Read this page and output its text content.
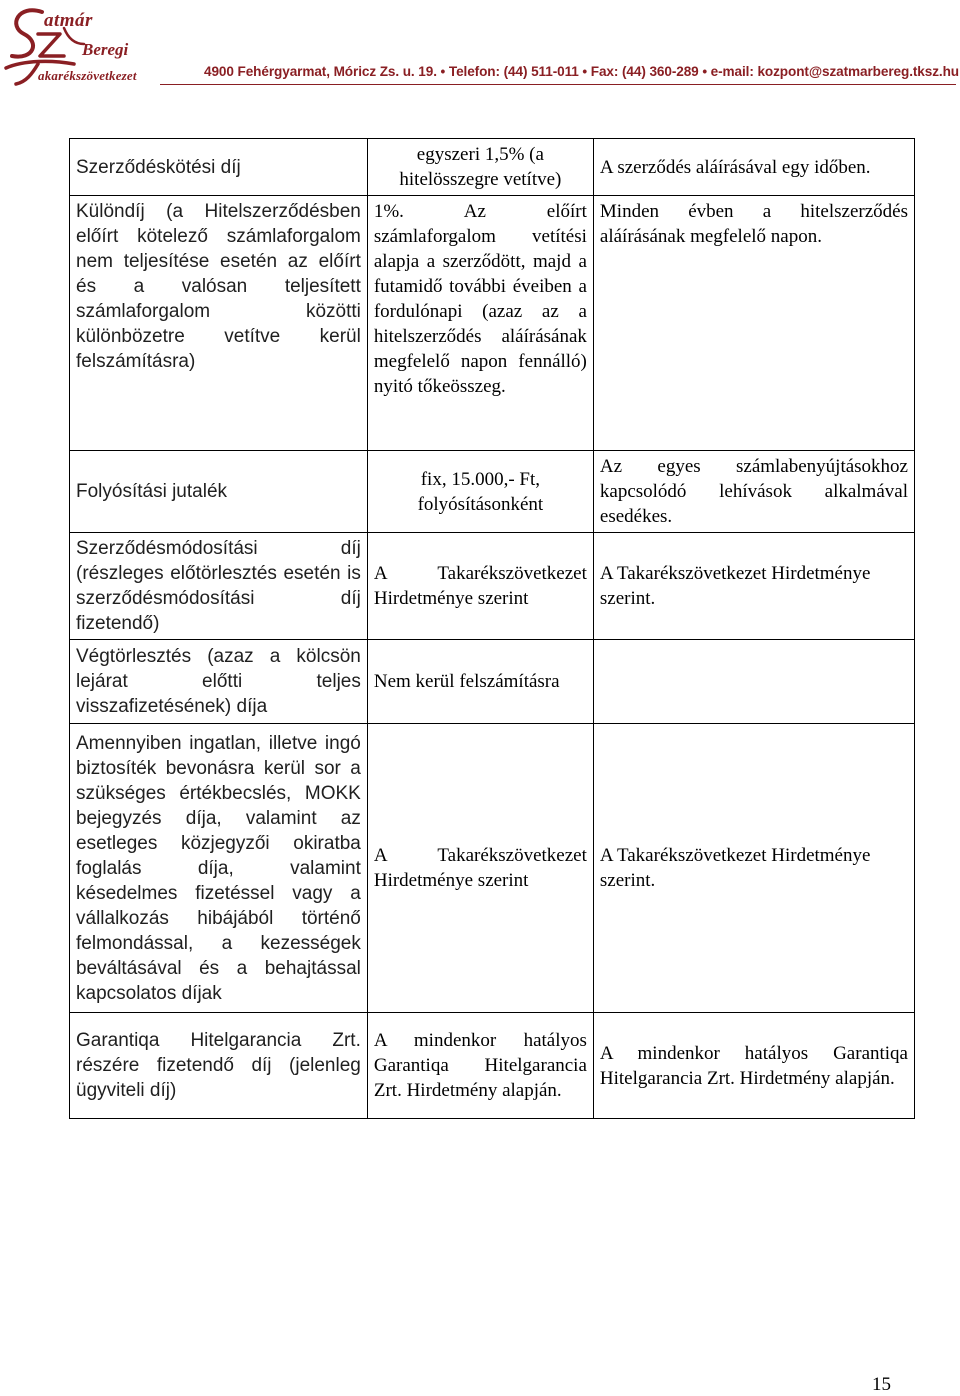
atmár
Beregi
akarékszövetkezet	4900 Fehérgyarmat, Móricz Zs. u. 19. • Telefon: (44) 511-011 • Fax: (44) 360-289 • e-mail: kozpont@szatmarbereg.tksz.hu
Szerződéskötési díj	egyszeri 1,5% (a hitelösszegre vetítve)	A szerződés aláírásával egy időben.
Különdíj (a Hitelszerződésben előírt kötelező számlaforgalom nem teljesítése esetén az előírt és a valósan teljesített számlaforgalom közötti különbözetre vetítve kerül felszámításra)	1%. Az előírt számlaforgalom vetítési alapja a szerződött, majd a futamidő további éveiben a fordulónapi (azaz az a hitelszerződés aláírásának megfelelő napon fennálló) nyitó tőkeösszeg.	Minden évben a hitelszerződés aláírásának megfelelő napon.
Folyósítási jutalék	fix, 15.000,- Ft, folyósításonként	Az egyes számlabenyújtásokhoz kapcsolódó lehívások alkalmával esedékes.
Szerződésmódosítási díj (részleges előtörlesztés esetén is szerződésmódosítási díj fizetendő)	A Takarékszövetkezet Hirdetménye szerint	A Takarékszövetkezet Hirdetménye szerint.
Végtörlesztés (azaz a kölcsön lejárat előtti teljes visszafizetésének) díja	Nem kerül felszámításra	
Amennyiben ingatlan, illetve ingó biztosíték bevonásra kerül sor a szükséges értékbecslés, MOKK bejegyzés díja, valamint az esetleges közjegyzői okiratba foglalás díja, valamint késedelmes fizetéssel vagy a vállalkozás hibájából történő felmondással, a kezességek beváltásával és a behajtással kapcsolatos díjak	A Takarékszövetkezet Hirdetménye szerint	A Takarékszövetkezet Hirdetménye szerint.
Garantiqa Hitelgarancia Zrt. részére fizetendő díj (jelenleg ügyviteli díj)	A mindenkor hatályos Garantiqa Hitelgarancia Zrt. Hirdetmény alapján.	A mindenkor hatályos Garantiqa Hitelgarancia Zrt. Hirdetmény alapján.
15
